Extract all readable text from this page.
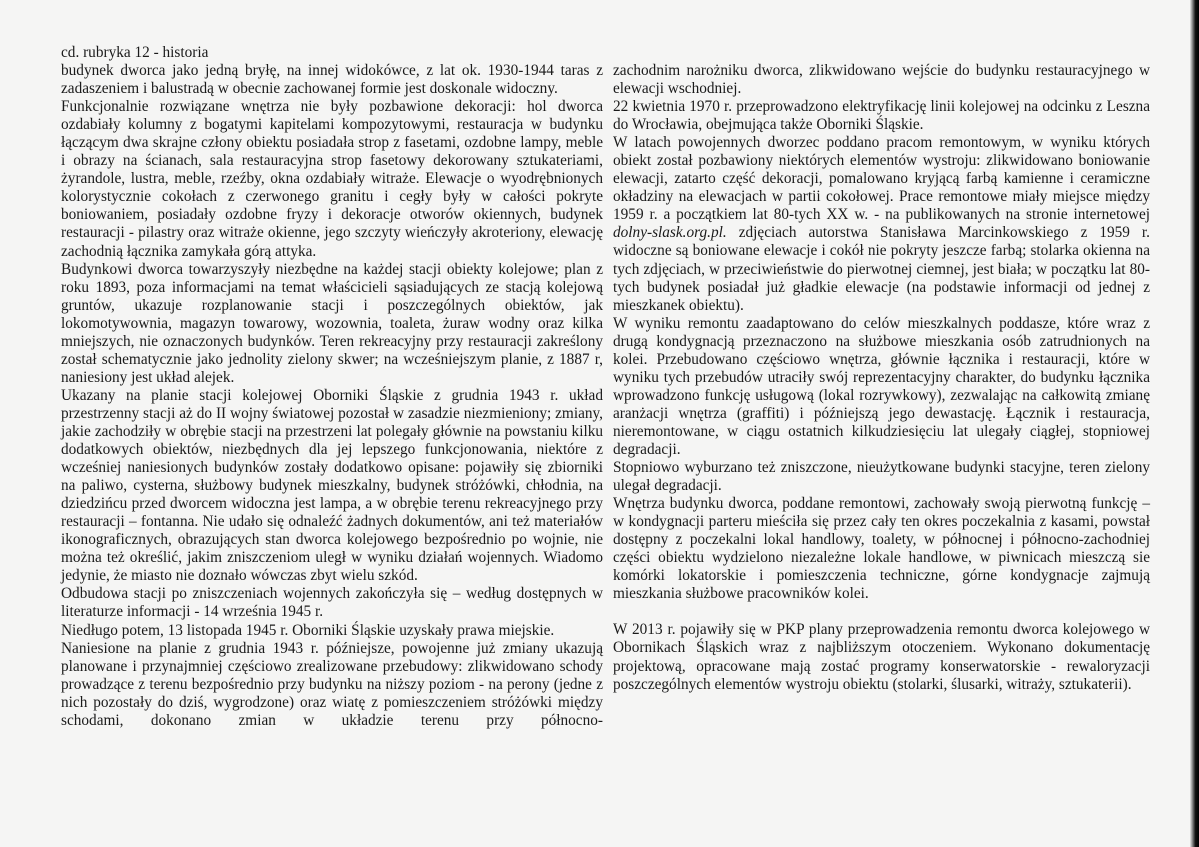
cd. rubryka 12 - historia

budynek dworca jako jedną bryłę, na innej widokówce, z lat ok. 1930-1944 taras z zadaszeniem i balustradą w obecnie zachowanej formie jest doskonale widoczny.

Funkcjonalnie rozwiązane wnętrza nie były pozbawione dekoracji: hol dworca ozdabiały kolumny z bogatymi kapitelami kompozytowymi, restauracja w budynku łączącym dwa skrajne człony obiektu posiadała strop z fasetami, ozdobne lampy, meble i obrazy na ścianach, sala restauracyjna strop fasetowy dekorowany sztukateriami, żyrandole, lustra, meble, rzeźby, okna ozdabiały witraże. Elewacje o wyodrębnionych kolorystycznie cokołach z czerwonego granitu i cegły były w całości pokryte boniowaniem, posiadały ozdobne fryzy i dekoracje otworów okiennych, budynek restauracji - pilastry oraz witraże okienne, jego szczyty wieńczyły akroteriony, elewację zachodnią łącznika zamykała górą attyka.

Budynkowi dworca towarzyszyły niezbędne na każdej stacji obiekty kolejowe; plan z roku 1893, poza informacjami na temat właścicieli sąsiadujących ze stacją kolejową gruntów, ukazuje rozplanowanie stacji i poszczególnych obiektów, jak lokomotywownia, magazyn towarowy, wozownia, toaleta, żuraw wodny oraz kilka mniejszych, nie oznaczonych budynków. Teren rekreacyjny przy restauracji zakreślony został schematycznie jako jednolity zielony skwer; na wcześniejszym planie, z 1887 r, naniesiony jest układ alejek.

Ukazany na planie stacji kolejowej Oborniki Śląskie z grudnia 1943 r. układ przestrzenny stacji aż do II wojny światowej pozostał w zasadzie niezmieniony; zmiany, jakie zachodziły w obrębie stacji na przestrzeni lat polegały głównie na powstaniu kilku dodatkowych obiektów, niezbędnych dla jej lepszego funkcjonowania, niektóre z wcześniej naniesionych budynków zostały dodatkowo opisane: pojawiły się zbiorniki na paliwo, cysterna, służbowy budynek mieszkalny, budynek stróżówki, chłodnia, na dziedzińcu przed dworcem widoczna jest lampa, a w obrębie terenu rekreacyjnego przy restauracji – fontanna. Nie udało się odnaleźć żadnych dokumentów, ani też materiałów ikonograficznych, obrazujących stan dworca kolejowego bezpośrednio po wojnie, nie można też określić, jakim zniszczeniom uległ w wyniku działań wojennych. Wiadomo jedynie, że miasto nie doznało wówczas zbyt wielu szkód.

Odbudowa stacji po zniszczeniach wojennych zakończyła się – według dostępnych w literaturze informacji - 14 września 1945 r.

Niedługo potem, 13 listopada 1945 r. Oborniki Śląskie uzyskały prawa miejskie.

Naniesione na planie z grudnia 1943 r. późniejsze, powojenne już zmiany ukazują planowane i przynajmniej częściowo zrealizowane przebudowy: zlikwidowano schody prowadzące z terenu bezpośrednio przy budynku na niższy poziom - na perony (jedne z nich pozostały do dziś, wygrodzone) oraz wiatę z pomieszczeniem stróżówki między schodami, dokonano zmian w układzie terenu przy północno-

zachodnim narożniku dworca, zlikwidowano wejście do budynku restauracyjnego w elewacji wschodniej.

22 kwietnia 1970 r. przeprowadzono elektryfikację linii kolejowej na odcinku z Leszna do Wrocławia, obejmująca także Oborniki Śląskie.

W latach powojennych dworzec poddano pracom remontowym, w wyniku których obiekt został pozbawiony niektórych elementów wystroju: zlikwidowano boniowanie elewacji, zatarto część dekoracji, pomalowano kryjącą farbą kamienne i ceramiczne okładziny na elewacjach w partii cokołowej. Prace remontowe miały miejsce między 1959 r. a początkiem lat 80-tych XX w. - na publikowanych na stronie internetowej dolny-slask.org.pl. zdjęciach autorstwa Stanisława Marcinkowskiego z 1959 r. widoczne są boniowane elewacje i cokół nie pokryty jeszcze farbą; stolarka okienna na tych zdjęciach, w przeciwieństwie do pierwotnej ciemnej, jest biała; w początku lat 80-tych budynek posiadał już gładkie elewacje (na podstawie informacji od jednej z mieszkanek obiektu).

W wyniku remontu zaadaptowano do celów mieszkalnych poddasze, które wraz z drugą kondygnacją przeznaczono na służbowe mieszkania osób zatrudnionych na kolei. Przebudowano częściowo wnętrza, głównie łącznika i restauracji, które w wyniku tych przebudów utraciły swój reprezentacyjny charakter, do budynku łącznika wprowadzono funkcję usługową (lokal rozrywkowy), zezwalając na całkowitą zmianę aranżacji wnętrza (graffiti) i późniejszą jego dewastację. Łącznik i restauracja, nieremontowane, w ciągu ostatnich kilkudziesięciu lat ulegały ciągłej, stopniowej degradacji.

Stopniowo wyburzano też zniszczone, nieużytkowane budynki stacyjne, teren zielony ulegał degradacji.

Wnętrza budynku dworca, poddane remontowi, zachowały swoją pierwotną funkcję – w kondygnacji parteru mieściła się przez cały ten okres poczekalnia z kasami, powstał dostępny z poczekalni lokal handlowy, toalety, w północnej i północno-zachodniej części obiektu wydzielono niezależne lokale handlowe, w piwnicach mieszczą sie komórki lokatorskie i pomieszczenia techniczne, górne kondygnacje zajmują mieszkania służbowe pracowników kolei.

W 2013 r. pojawiły się w PKP plany przeprowadzenia remontu dworca kolejowego w Obornikach Śląskich wraz z najbliższym otoczeniem. Wykonano dokumentację projektową, opracowane mają zostać programy konserwatorskie - rewaloryzacji poszczególnych elementów wystroju obiektu (stolarki, ślusarki, witraży, sztukaterii).
